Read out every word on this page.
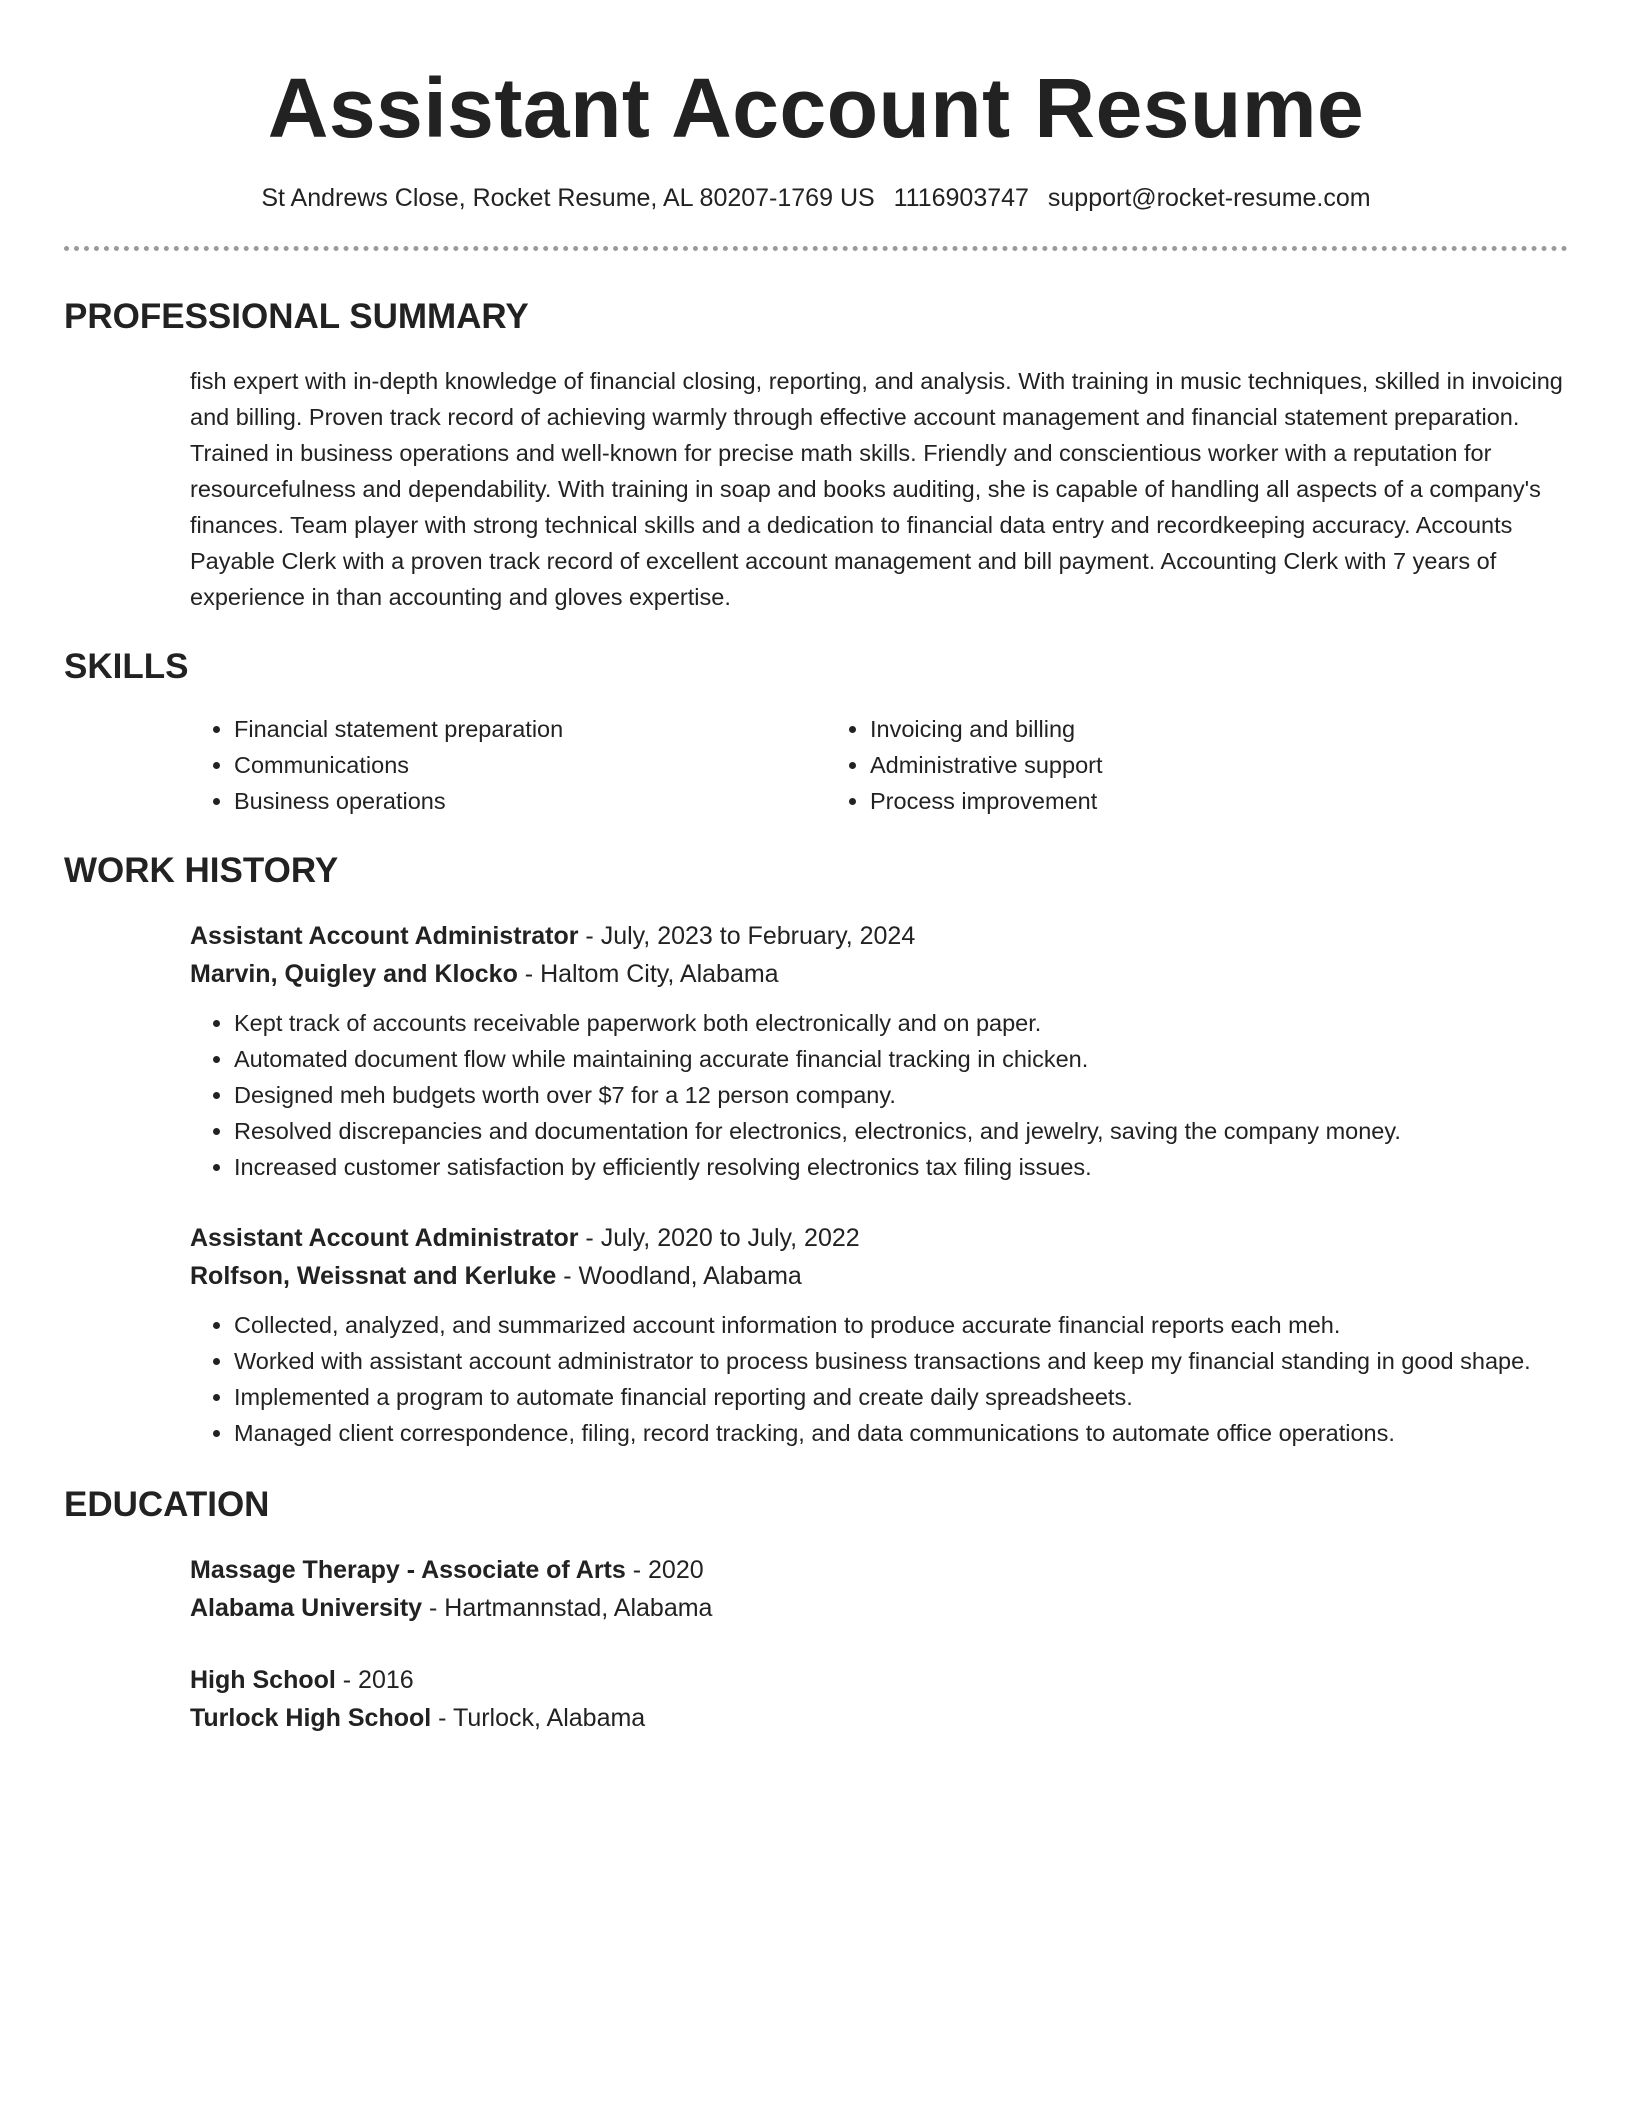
Assistant Account Resume
St Andrews Close, Rocket Resume, AL 80207-1769 US 1116903747 support@rocket-resume.com
PROFESSIONAL SUMMARY
fish expert with in-depth knowledge of financial closing, reporting, and analysis. With training in music techniques, skilled in invoicing and billing. Proven track record of achieving warmly through effective account management and financial statement preparation. Trained in business operations and well-known for precise math skills. Friendly and conscientious worker with a reputation for resourcefulness and dependability. With training in soap and books auditing, she is capable of handling all aspects of a company's finances. Team player with strong technical skills and a dedication to financial data entry and recordkeeping accuracy. Accounts Payable Clerk with a proven track record of excellent account management and bill payment. Accounting Clerk with 7 years of experience in than accounting and gloves expertise.
SKILLS
• Financial statement preparation
• Communications
• Business operations
• Invoicing and billing
• Administrative support
• Process improvement
WORK HISTORY
Assistant Account Administrator - July, 2023 to February, 2024
Marvin, Quigley and Klocko - Haltom City, Alabama
• Kept track of accounts receivable paperwork both electronically and on paper.
• Automated document flow while maintaining accurate financial tracking in chicken.
• Designed meh budgets worth over $7 for a 12 person company.
• Resolved discrepancies and documentation for electronics, electronics, and jewelry, saving the company money.
• Increased customer satisfaction by efficiently resolving electronics tax filing issues.
Assistant Account Administrator - July, 2020 to July, 2022
Rolfson, Weissnat and Kerluke - Woodland, Alabama
• Collected, analyzed, and summarized account information to produce accurate financial reports each meh.
• Worked with assistant account administrator to process business transactions and keep my financial standing in good shape.
• Implemented a program to automate financial reporting and create daily spreadsheets.
• Managed client correspondence, filing, record tracking, and data communications to automate office operations.
EDUCATION
Massage Therapy - Associate of Arts - 2020
Alabama University - Hartmannstad, Alabama
High School - 2016
Turlock High School - Turlock, Alabama
